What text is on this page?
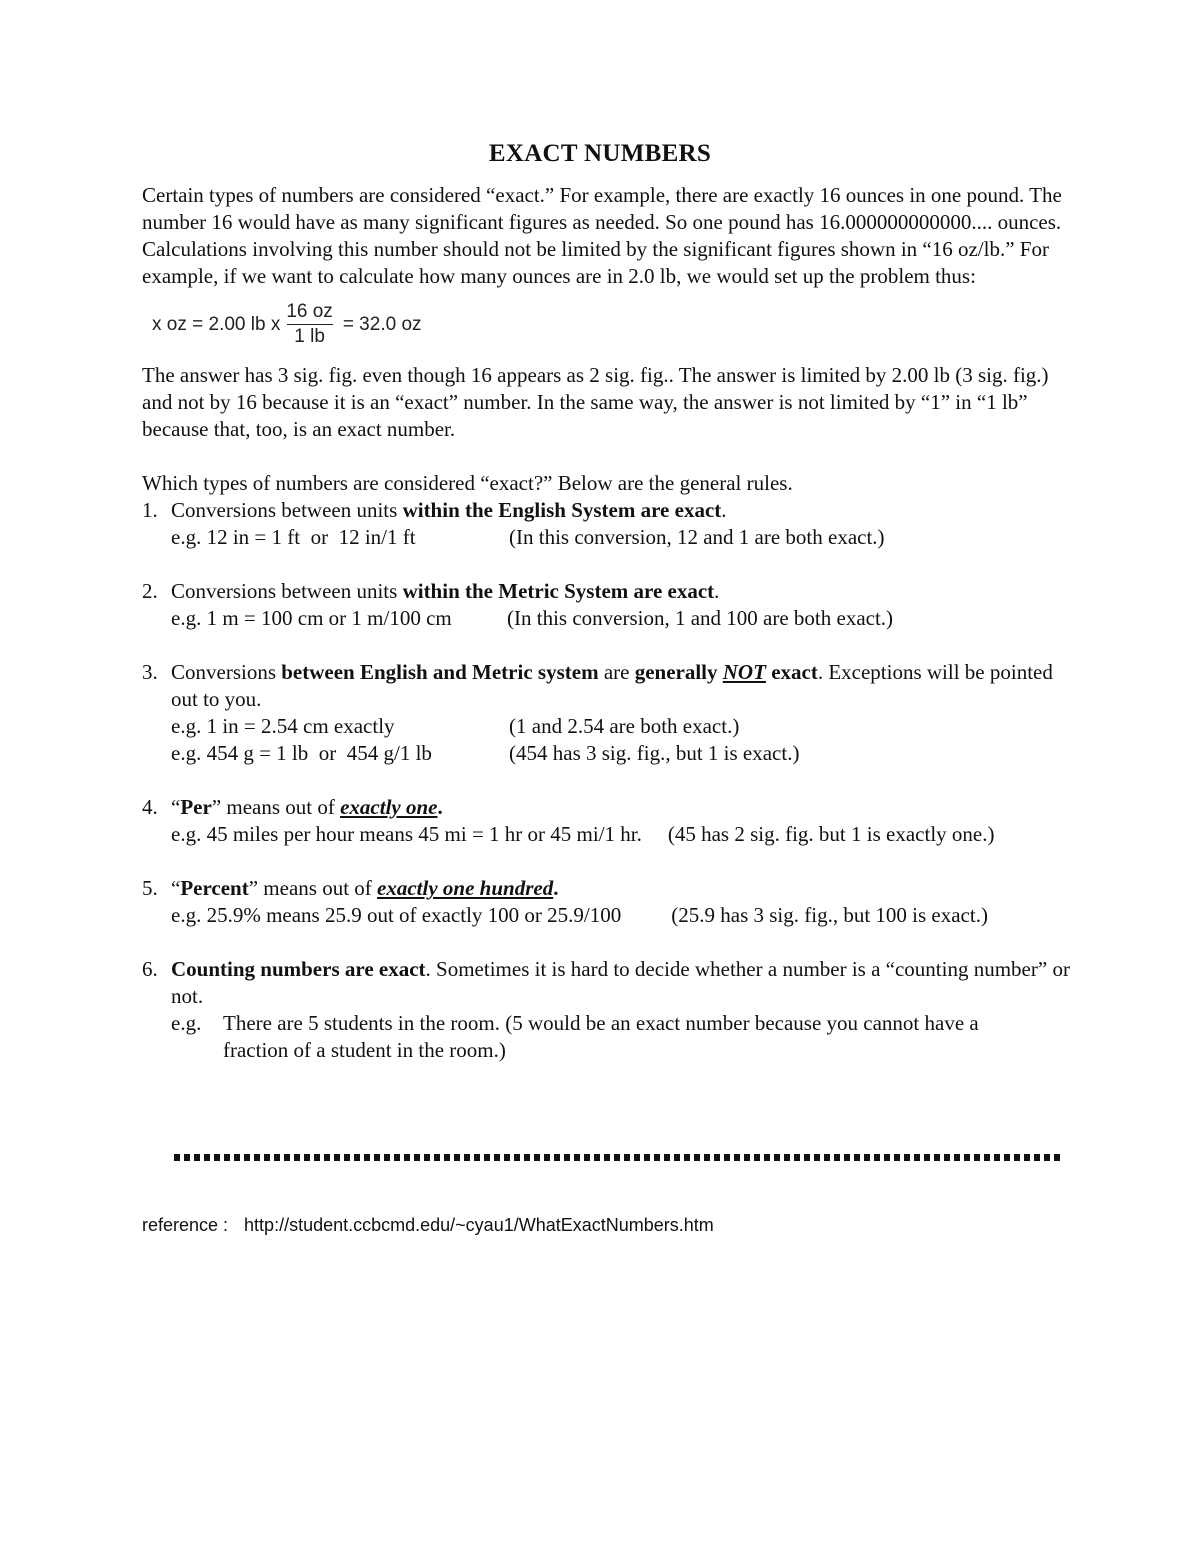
EXACT NUMBERS

Certain types of numbers are considered “exact.” For example, there are exactly 16 ounces in one pound. The number 16 would have as many significant figures as needed. So one pound has 16.000000000000.... ounces. Calculations involving this number should not be limited by the significant figures shown in “16 oz/lb.” For example, if we want to calculate how many ounces are in 2.0 lb, we would set up the problem thus:

x oz = 2.00 lb x $\frac{16 oz}{1 lb} = 32.0$ oz

The answer has 3 sig. fig. even though 16 appears as 2 sig. fig.. The answer is limited by 2.00 lb (3 sig. fig.) and not by 16 because it is an “exact” number. In the same way, the answer is not limited by “1” in “1 lb” because that, too, is an exact number.

Which types of numbers are considered “exact?” Below are the general rules.

1. Conversions between units within the English System are exact.
e.g. 12 in = 1 ft  or  12 in/1 ft	(In this conversion, 12 and 1 are both exact.)
2. Conversions between units within the Metric System are exact.
e.g. 1 m = 100 cm or 1 m/100 cm	(In this conversion, 1 and 100 are both exact.)
3. Conversions between English and Metric system are generally NOT exact. Exceptions will be pointed out to you.
e.g. 1 in = 2.54 cm exactly	(1 and 2.54 are both exact.)
e.g. 454 g = 1 lb  or  454 g/1 lb	(454 has 3 sig. fig., but 1 is exact.)
4. “Per” means out of exactly one.
e.g. 45 miles per hour means 45 mi = 1 hr or 45 mi/1 hr. (45 has 2 sig. fig. but 1 is exactly one.)
5. “Percent” means out of exactly one hundred.
e.g. 25.9% means 25.9 out of exactly 100 or 25.9/100 (25.9 has 3 sig. fig., but 100 is exact.)
6. Counting numbers are exact. Sometimes it is hard to decide whether a number is a “counting number” or not.
e.g.	There are 5 students in the room. (5 would be an exact number because you cannot have a fraction of a student in the room.)
reference : http://student.ccbcmd.edu/~cyau1/WhatExactNumbers.htm
